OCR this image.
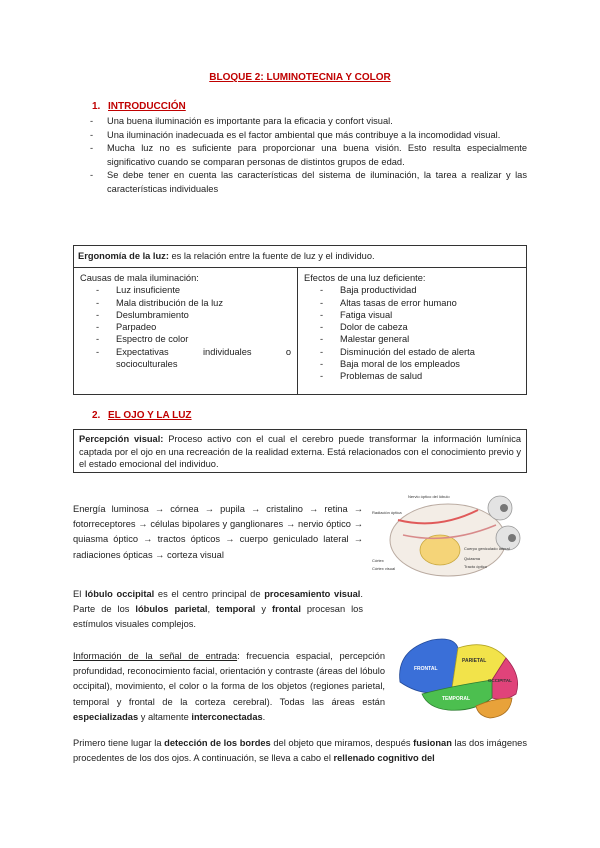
BLOQUE 2: LUMINOTECNIA Y COLOR
1. INTRODUCCIÓN
- Una buena iluminación es importante para la eficacia y confort visual.
- Una iluminación inadecuada es el factor ambiental que más contribuye a la incomodidad visual.
- Mucha luz no es suficiente para proporcionar una buena visión. Esto resulta especialmente significativo cuando se comparan personas de distintos grupos de edad.
- Se debe tener en cuenta las características del sistema de iluminación, la tarea a realizar y las características individuales
Ergonomía de la luz: es la relación entre la fuente de luz y el individuo.
Causas de mala iluminación:
- Luz insuficiente
- Mala distribución de la luz
- Deslumbramiento
- Parpadeo
- Espectro de color
- Expectativas	individuales	o
socioculturales
Efectos de una luz deficiente:
- Baja productividad
- Altas tasas de error humano
- Fatiga visual
- Dolor de cabeza
- Malestar general
- Disminución del estado de alerta
- Baja moral de los empleados
- Problemas de salud
2. EL OJO Y LA LUZ
Percepción visual: Proceso activo con el cual el cerebro puede transformar la información lumínica captada por el ojo en una recreación de la realidad externa. Está relacionados con el conocimiento previo y el estado emocional del individuo.
Energía luminosa → córnea → pupila → cristalino → retina → fotorreceptores → células bipolares y ganglionares → nervio óptico → quiasma óptico → tractos ópticos → cuerpo geniculado lateral → radiaciones ópticas → corteza visual
Nervio óptico del lóbulo
Radiación óptica
Cuerpo geniculado lateral
Quiasma
Tracto óptico
Córtex
Córtex visual
El lóbulo occipital es el centro principal de procesamiento visual. Parte de los lóbulos parietal, temporal y frontal procesan los estímulos visuales complejos.
Información de la señal de entrada: frecuencia espacial, percepción profundidad, reconocimiento facial, orientación y contraste (áreas del lóbulo occipital), movimiento, el color o la forma de los objetos (regiones parietal, temporal y frontal de la corteza cerebral). Todas las áreas están especializadas y altamente interconectadas.
FRONTAL
PARIETAL
OCCIPITAL
TEMPORAL
Primero tiene lugar la detección de los bordes del objeto que miramos, después fusionan las dos imágenes procedentes de los dos ojos. A continuación, se lleva a cabo el rellenado cognitivo del
